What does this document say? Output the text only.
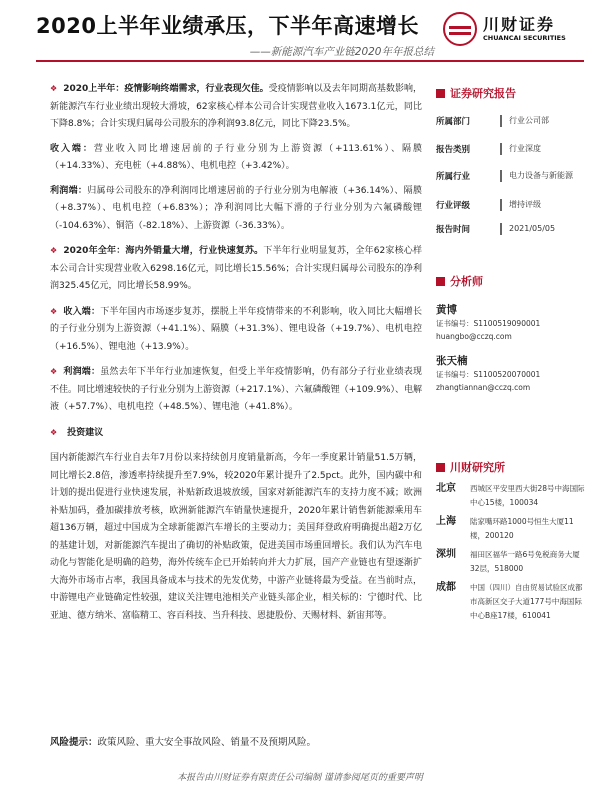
2020上半年业绩承压，下半年高速增长
——新能源汽车产业链2020年年报总结
川财证券
CHUANCAI SECURITIES

❖ 2020上半年：疫情影响终端需求，行业表现欠佳。受疫情影响以及去年同期高基数影响，新能源汽车行业业绩出现较大滑坡，62家核心样本公司合计实现营业收入1673.1亿元，同比下降8.8%；合计实现归属母公司股东的净利润93.8亿元，同比下降23.5%。

收入端：营业收入同比增速居前的子行业分别为上游资源（+113.61%）、隔膜（+14.33%）、充电桩（+4.88%）、电机电控（+3.42%）。

利润端：归属母公司股东的净利润同比增速居前的子行业分别为电解液（+36.14%）、隔膜（+8.37%）、电机电控（+6.83%）；净利润同比大幅下滑的子行业分别为六氟磷酸锂（-104.63%）、铜箔（-82.18%）、上游资源（-36.33%）。

❖ 2020年全年：海内外销量大增，行业快速复苏。下半年行业明显复苏，全年62家核心样本公司合计实现营业收入6298.16亿元，同比增长15.56%；合计实现归属母公司股东的净利润325.45亿元，同比增长58.99%。

❖ 收入端：下半年国内市场逐步复苏，摆脱上半年疫情带来的不利影响，收入同比大幅增长的子行业分别为上游资源（+41.1%）、隔膜（+31.3%）、锂电设备（+19.7%）、电机电控（+16.5%）、锂电池（+13.9%）。

❖ 利润端：虽然去年下半年行业加速恢复，但受上半年疫情影响，仍有部分子行业业绩表现不佳。同比增速较快的子行业分别为上游资源（+217.1%）、六氟磷酸锂（+109.9%）、电解液（+57.7%）、电机电控（+48.5%）、锂电池（+41.8%）。

❖ 投资建议

国内新能源汽车行业自去年7月份以来持续创月度销量新高，今年一季度累计销量51.5万辆，同比增长2.8倍，渗透率持续提升至7.9%，较2020年累计提升了2.5pct。此外，国内碳中和计划的提出促进行业快速发展，补贴新政退坡放缓，国家对新能源汽车的支持力度不减；欧洲补贴加码，叠加碳排放考核，欧洲新能源汽车销量快速提升，2020年累计销售新能源乘用车超136万辆，超过中国成为全球新能源汽车增长的主要动力；美国拜登政府明确提出超2万亿的基建计划，对新能源汽车提出了确切的补贴政策，促进美国市场重回增长。我们认为汽车电动化与智能化是明确的趋势，海外传统车企已开始转向并大力扩展，国产产业链也有望逐渐扩大海外市场市占率，我国具备成本与技术的先发优势，中游产业链将最为受益。在当前时点，中游锂电产业链确定性较强，建议关注锂电池相关产业链头部企业，相关标的：宁德时代、比亚迪、德方纳米、富临精工、容百科技、当升科技、恩捷股份、天赐材料、新宙邦等。

风险提示：政策风险、重大安全事故风险、销量不及预期风险。
证券研究报告
所属部门	行业公司部
报告类别	行业深度
所属行业	电力设备与新能源
行业评级	增持评级
报告时间	2021/05/05
分析师
黄博
证书编号：S1100519090001
huangbo@cczq.com
张天楠
证书编号：S1100520070001
zhangtiannan@cczq.com
川财研究所
北京	西城区平安里西大街28号中海国际中心15楼，100034
上海	陆家嘴环路1000号恒生大厦11楼，200120
深圳	福田区福华一路6号免税商务大厦32层，518000
成都	中国（四川）自由贸易试验区成都市高新区交子大道177号中海国际中心B座17楼，610041
本报告由川财证券有限责任公司编制 谨请参阅尾页的重要声明
